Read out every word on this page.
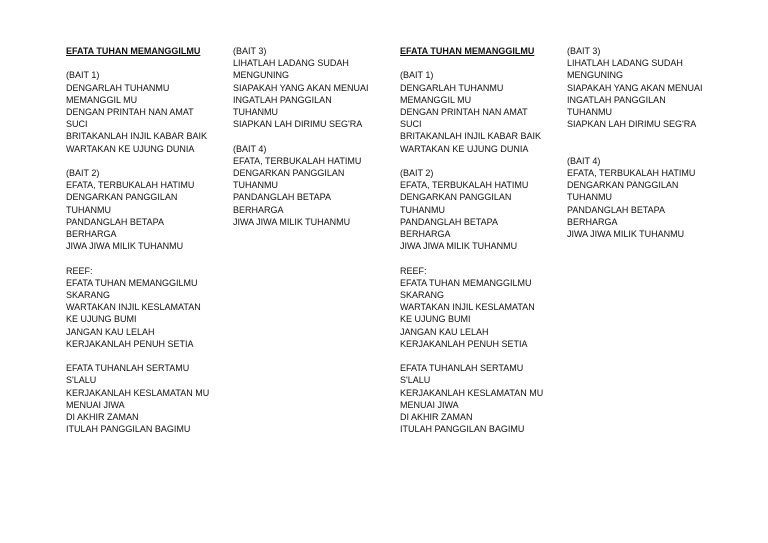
EFATA TUHAN MEMANGGILMU
(BAIT 1)
DENGARLAH TUHANMU
MEMANGGIL MU
DENGAN PRINTAH NAN AMAT
SUCI
BRITAKANLAH INJIL KABAR BAIK
WARTAKAN KE UJUNG DUNIA
(BAIT 2)
EFATA, TERBUKALAH HATIMU
DENGARKAN PANGGILAN
TUHANMU
PANDANGLAH BETAPA
BERHARGA
JIWA JIWA MILIK TUHANMU
REEF:
EFATA TUHAN MEMANGGILMU
SKARANG
WARTAKAN INJIL KESLAMATAN
KE UJUNG BUMI
JANGAN KAU LELAH
KERJAKANLAH PENUH SETIA
EFATA TUHANLAH SERTAMU
S'LALU
KERJAKANLAH KESLAMATAN MU
MENUAI JIWA
DI AKHIR ZAMAN
ITULAH PANGGILAN BAGIMU
(BAIT 3)
LIHATLAH LADANG SUDAH
MENGUNING
SIAPAKAH YANG AKAN MENUAI
INGATLAH PANGGILAN
TUHANMU
SIAPKAN LAH DIRIMU SEG'RA
(BAIT 4)
EFATA, TERBUKALAH HATIMU
DENGARKAN PANGGILAN
TUHANMU
PANDANGLAH BETAPA
BERHARGA
JIWA JIWA MILIK TUHANMU
EFATA TUHAN MEMANGGILMU
(BAIT 1)
DENGARLAH TUHANMU
MEMANGGIL MU
DENGAN PRINTAH NAN AMAT
SUCI
BRITAKANLAH INJIL KABAR BAIK
WARTAKAN KE UJUNG DUNIA
(BAIT 2)
EFATA, TERBUKALAH HATIMU
DENGARKAN PANGGILAN
TUHANMU
PANDANGLAH BETAPA
BERHARGA
JIWA JIWA MILIK TUHANMU
REEF:
EFATA TUHAN MEMANGGILMU
SKARANG
WARTAKAN INJIL KESLAMATAN
KE UJUNG BUMI
JANGAN KAU LELAH
KERJAKANLAH PENUH SETIA
EFATA TUHANLAH SERTAMU
S'LALU
KERJAKANLAH KESLAMATAN MU
MENUAI JIWA
DI AKHIR ZAMAN
ITULAH PANGGILAN BAGIMU
(BAIT 3)
LIHATLAH LADANG SUDAH
MENGUNING
SIAPAKAH YANG AKAN MENUAI
INGATLAH PANGGILAN
TUHANMU
SIAPKAN LAH DIRIMU SEG'RA
(BAIT 4)
EFATA, TERBUKALAH HATIMU
DENGARKAN PANGGILAN
TUHANMU
PANDANGLAH BETAPA
BERHARGA
JIWA JIWA MILIK TUHANMU
